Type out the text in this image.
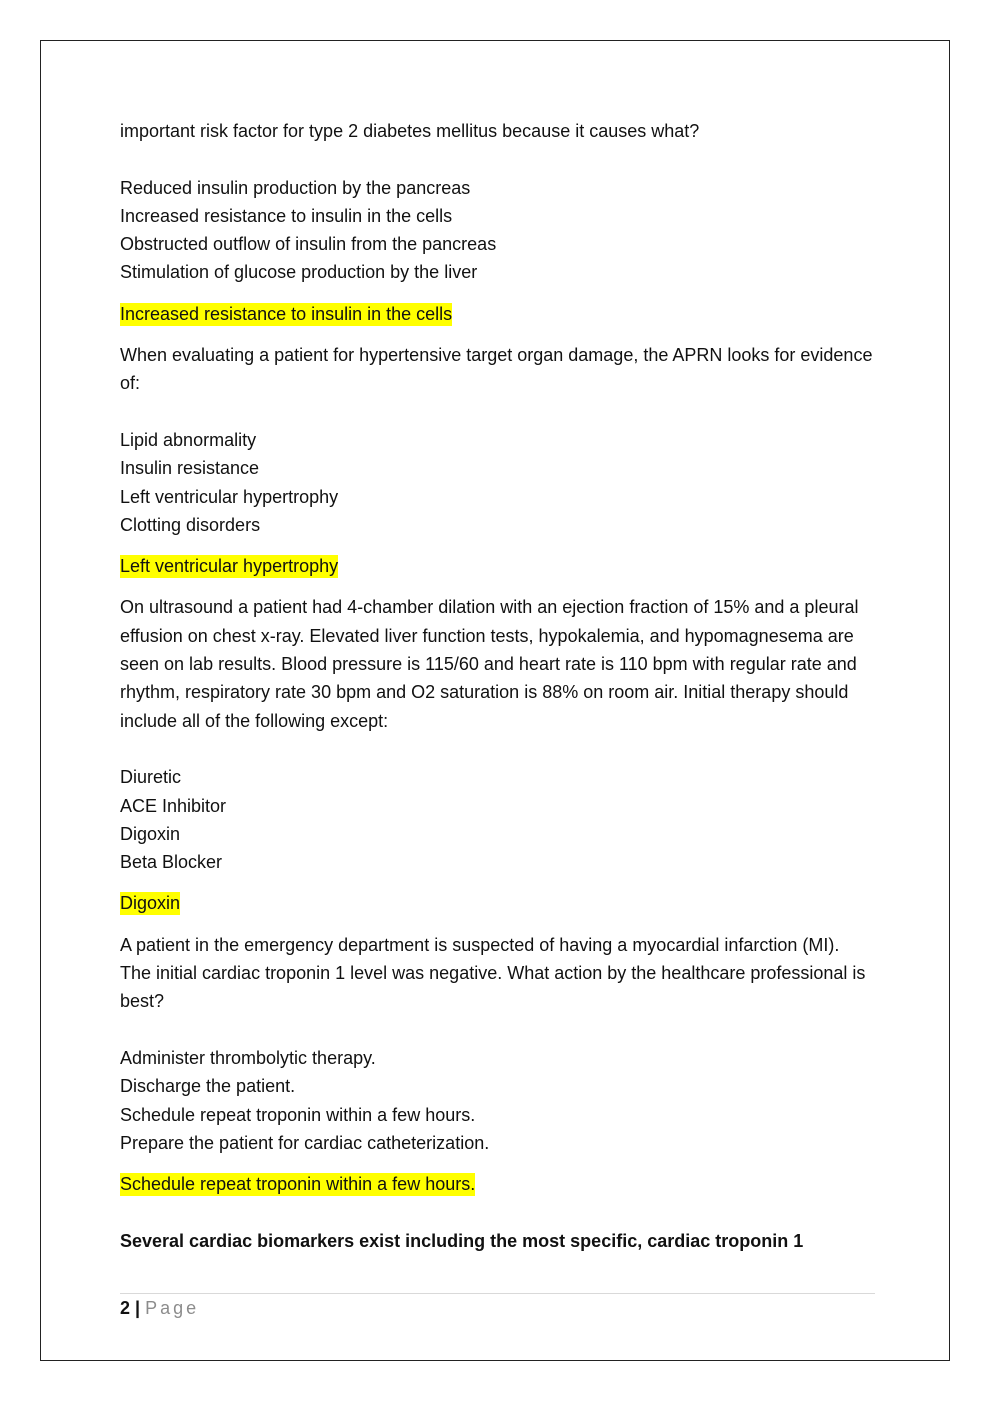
important risk factor for type 2 diabetes mellitus because it causes what?

Reduced insulin production by the pancreas

Increased resistance to insulin in the cells

Obstructed outflow of insulin from the pancreas

Stimulation of glucose production by the liver

Increased resistance to insulin in the cells

When evaluating a patient for hypertensive target organ damage, the APRN looks for evidence of:

Lipid abnormality

Insulin resistance

Left ventricular hypertrophy

Clotting disorders

Left ventricular hypertrophy

On ultrasound a patient had 4-chamber dilation with an ejection fraction of 15% and a pleural effusion on chest x-ray. Elevated liver function tests, hypokalemia, and hypomagnesema are seen on lab results. Blood pressure is 115/60 and heart rate is 110 bpm with regular rate and rhythm, respiratory rate 30 bpm and O2 saturation is 88% on room air. Initial therapy should include all of the following except:

Diuretic

ACE Inhibitor

Digoxin

Beta Blocker

Digoxin

A patient in the emergency department is suspected of having a myocardial infarction (MI). The initial cardiac troponin 1 level was negative. What action by the healthcare professional is best?

Administer thrombolytic therapy.

Discharge the patient.

Schedule repeat troponin within a few hours.

Prepare the patient for cardiac catheterization.

Schedule repeat troponin within a few hours.

Several cardiac biomarkers exist including the most specific, cardiac troponin 1

2 | Page
